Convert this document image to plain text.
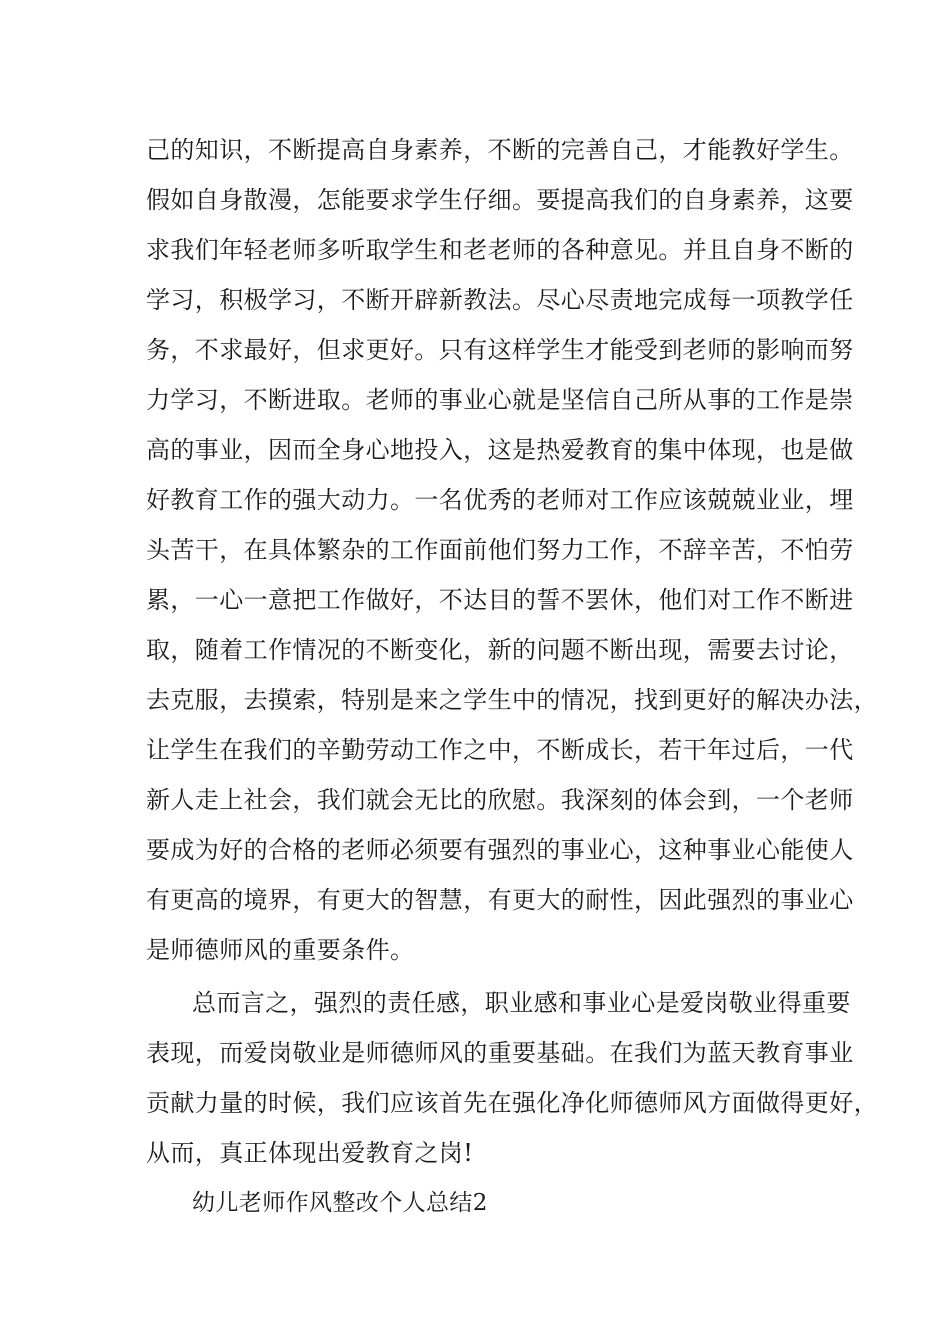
己的知识，不断提高自身素养，不断的完善自己，才能教好学生。
假如自身散漫，怎能要求学生仔细。要提高我们的自身素养，这要
求我们年轻老师多听取学生和老老师的各种意见。并且自身不断的
学习，积极学习，不断开辟新教法。尽心尽责地完成每一项教学任
务，不求最好，但求更好。只有这样学生才能受到老师的影响而努
力学习，不断进取。老师的事业心就是坚信自己所从事的工作是崇
高的事业，因而全身心地投入，这是热爱教育的集中体现，也是做
好教育工作的强大动力。一名优秀的老师对工作应该兢兢业业，埋
头苦干，在具体繁杂的工作面前他们努力工作，不辞辛苦，不怕劳
累，一心一意把工作做好，不达目的誓不罢休，他们对工作不断进
取，随着工作情况的不断变化，新的问题不断出现，需要去讨论，
去克服，去摸索，特别是来之学生中的情况，找到更好的解决办法，
让学生在我们的辛勤劳动工作之中，不断成长，若干年过后，一代
新人走上社会，我们就会无比的欣慰。我深刻的体会到，一个老师
要成为好的合格的老师必须要有强烈的事业心，这种事业心能使人
有更高的境界，有更大的智慧，有更大的耐性，因此强烈的事业心
是师德师风的重要条件。
总而言之，强烈的责任感，职业感和事业心是爱岗敬业得重要
表现，而爱岗敬业是师德师风的重要基础。在我们为蓝天教育事业
贡献力量的时候，我们应该首先在强化净化师德师风方面做得更好，
从而，真正体现出爱教育之岗!
幼儿老师作风整改个人总结2
